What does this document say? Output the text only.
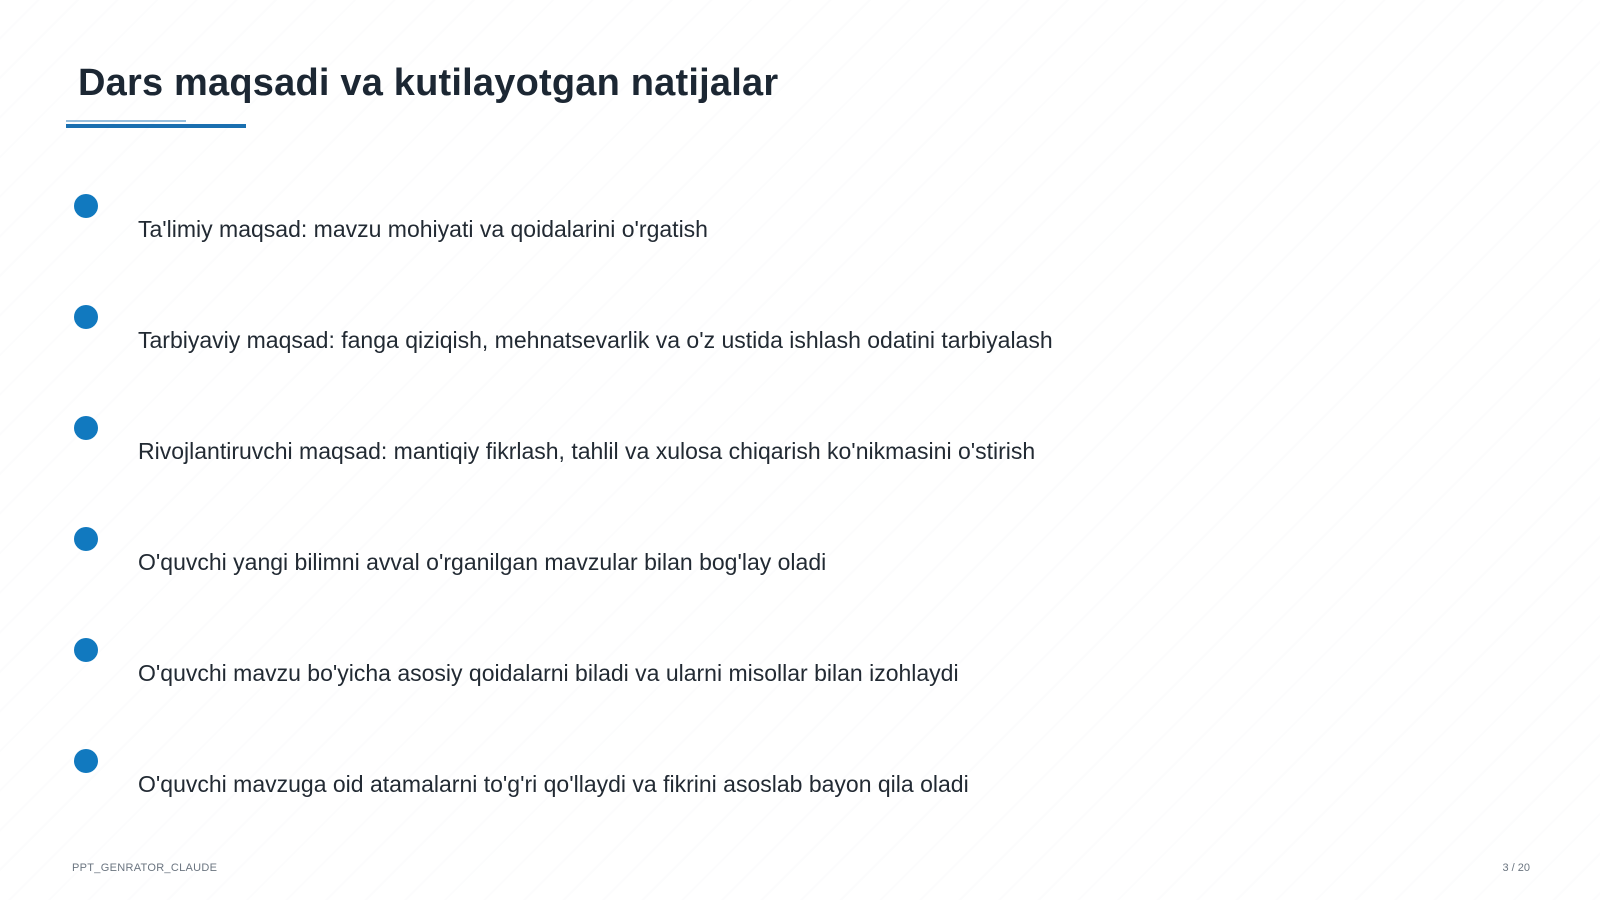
Dars maqsadi va kutilayotgan natijalar
Ta'limiy maqsad: mavzu mohiyati va qoidalarini o'rgatish
Tarbiyaviy maqsad: fanga qiziqish, mehnatsevarlik va o'z ustida ishlash odatini tarbiyalash
Rivojlantiruvchi maqsad: mantiqiy fikrlash, tahlil va xulosa chiqarish ko'nikmasini o'stirish
O'quvchi yangi bilimni avval o'rganilgan mavzular bilan bog'lay oladi
O'quvchi mavzu bo'yicha asosiy qoidalarni biladi va ularni misollar bilan izohlaydi
O'quvchi mavzuga oid atamalarni to'g'ri qo'llaydi va fikrini asoslab bayon qila oladi
PPT_GENRATOR_CLAUDE	3 / 20
